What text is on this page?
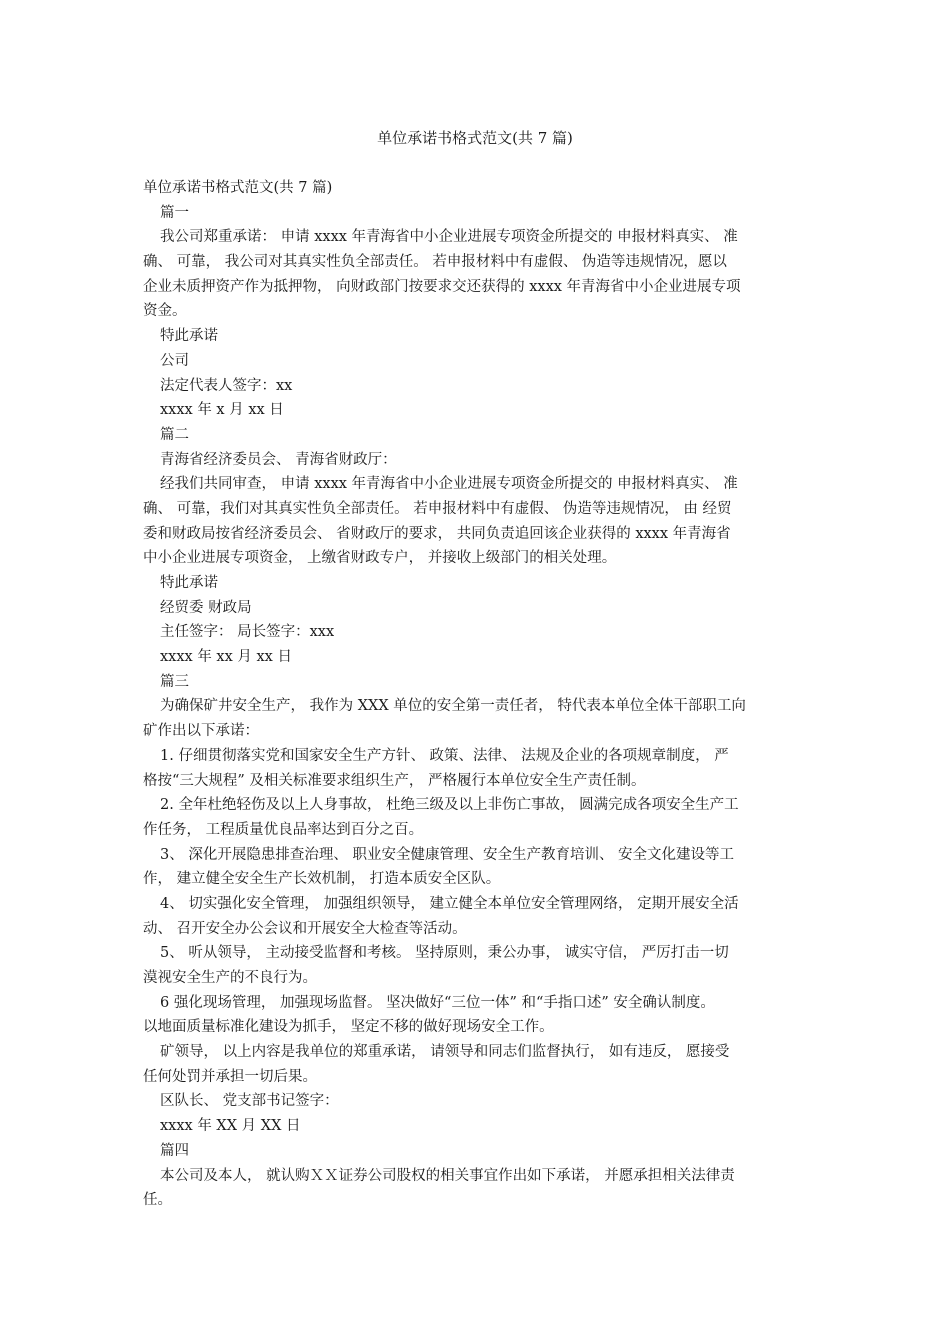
单位承诺书格式范文(共 7 篇)
单位承诺书格式范文(共 7 篇)
篇一
我公司郑重承诺： 申请 xxxx 年青海省中小企业进展专项资金所提交的 申报材料真实、 准
确、 可靠， 我公司对其真实性负全部责任。 若申报材料中有虚假、 伪造等违规情况，愿以
企业未质押资产作为抵押物， 向财政部门按要求交还获得的 xxxx 年青海省中小企业进展专项
资金。
特此承诺
公司
法定代表人签字：xx
xxxx 年 x 月 xx 日
篇二
青海省经济委员会、 青海省财政厅：
经我们共同审查， 申请 xxxx 年青海省中小企业进展专项资金所提交的 申报材料真实、 准
确、 可靠，我们对其真实性负全部责任。 若申报材料中有虚假、 伪造等违规情况， 由 经贸
委和财政局按省经济委员会、 省财政厅的要求， 共同负责追回该企业获得的 xxxx 年青海省
中小企业进展专项资金， 上缴省财政专户， 并接收上级部门的相关处理。
特此承诺
经贸委 财政局
主任签字： 局长签字：xxx
xxxx 年 xx 月 xx 日
篇三
为确保矿井安全生产， 我作为 XXX 单位的安全第一责任者， 特代表本单位全体干部职工向
矿作出以下承诺：
1. 仔细贯彻落实党和国家安全生产方针、 政策、法律、 法规及企业的各项规章制度， 严
格按“三大规程” 及相关标准要求组织生产， 严格履行本单位安全生产责任制。
2. 全年杜绝轻伤及以上人身事故， 杜绝三级及以上非伤亡事故， 圆满完成各项安全生产工
作任务， 工程质量优良品率达到百分之百。
3、 深化开展隐患排查治理、 职业安全健康管理、安全生产教育培训、 安全文化建设等工
作， 建立健全安全生产长效机制， 打造本质安全区队。
4、 切实强化安全管理， 加强组织领导， 建立健全本单位安全管理网络， 定期开展安全活
动、 召开安全办公会议和开展安全大检查等活动。
5、 听从领导， 主动接受监督和考核。 坚持原则，秉公办事， 诚实守信， 严厉打击一切
漠视安全生产的不良行为。
6 强化现场管理， 加强现场监督。 坚决做好“三位一体” 和“手指口述” 安全确认制度。
以地面质量标准化建设为抓手， 坚定不移的做好现场安全工作。
矿领导， 以上内容是我单位的郑重承诺， 请领导和同志们监督执行， 如有违反， 愿接受
任何处罚并承担一切后果。
区队长、 党支部书记签字：
xxxx 年 XX 月 XX 日
篇四
本公司及本人， 就认购ＸＸ证券公司股权的相关事宜作出如下承诺， 并愿承担相关法律责
任。
